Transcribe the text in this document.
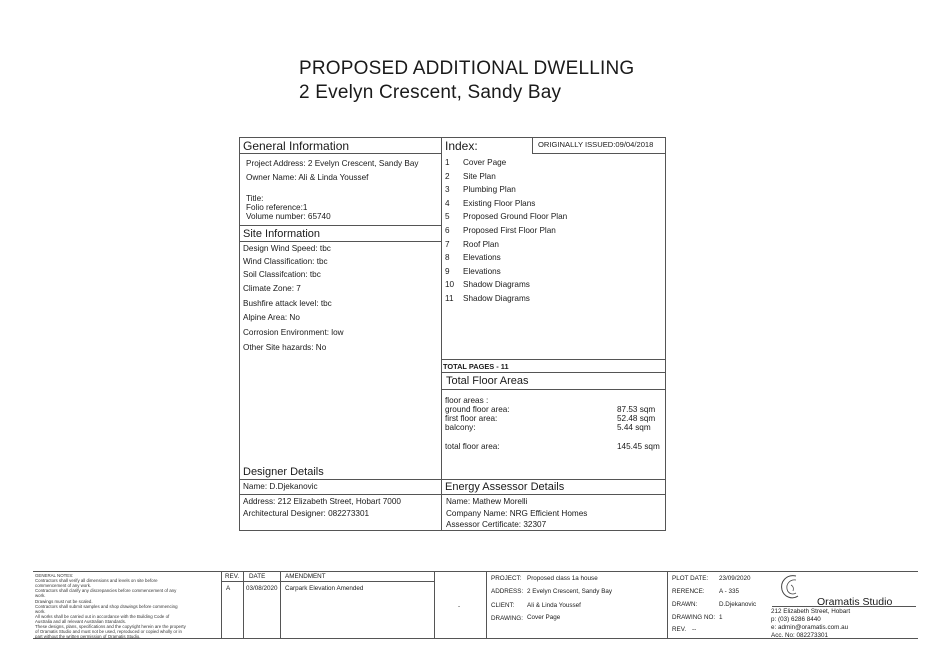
PROPOSED ADDITIONAL DWELLING
2 Evelyn Crescent, Sandy Bay
General Information
Project Address: 2 Evelyn Crescent, Sandy Bay
Owner Name: Ali & Linda Youssef
Title:
Folio reference:1
Volume number: 65740
Site Information
Design Wind Speed: tbc
Wind Classification: tbc
Soil Classifcation: tbc
Climate Zone: 7
Bushfire attack level: tbc
Alpine Area: No
Corrosion Environment: low
Other Site hazards: No
Designer Details
Name: D.Djekanovic
Address: 212 Elizabeth Street, Hobart 7000
Architectural Designer: 082273301
Index:	ORIGINALLY ISSUED:09/04/2018
1 Cover Page
2 Site Plan
3 Plumbing Plan
4 Existing Floor Plans
5 Proposed Ground Floor Plan
6 Proposed First Floor Plan
7 Roof Plan
8 Elevations
9 Elevations
10 Shadow Diagrams
11 Shadow Diagrams
TOTAL PAGES - 11
Total Floor Areas
floor areas :
ground floor area:	87.53 sqm
first floor area:	52.48 sqm
balcony:	5.44 sqm
total floor area:	145.45 sqm
Energy Assessor Details
Name: Mathew Morelli
Company Name: NRG Efficient Homes
Assessor Certificate: 32307
GENERAL NOTES:
Contractors shall verify all dimensions and levels on site before
commencement of any work.
Contractors shall clarify any discrepancies before commencement of any
work.
Drawings must not be scaled.
Contractors shall submit samples and shop drawings before commencing
work.
All works shall be carried out in accordance with the Building Code of
Australia and all relevant Australian Standards.
These designs, plans, specifications and the copyright herein are the property
of Oramatis Studio and must not be used, reproduced or copied wholly or in
part without the written permission of Oramatis Studio.
REV. DATE	AMENDMENT
A	03/08/2020 Carpark Elevation Amended
-
PROJECT: Proposed class 1a house
ADDRESS: 2 Evelyn Crescent, Sandy Bay
CLIENT: Ali & Linda Youssef
DRAWING: Cover Page
PLOT DATE: 23/09/2020
RERENCE: A - 335
DRAWN:	D.Djekanovic
DRAWING NO: 1
REV. --
Oramatis Studio
212 Elizabeth Street, Hobart
p: (03) 6286 8440
e: admin@oramatis.com.au
Acc. No: 082273301
